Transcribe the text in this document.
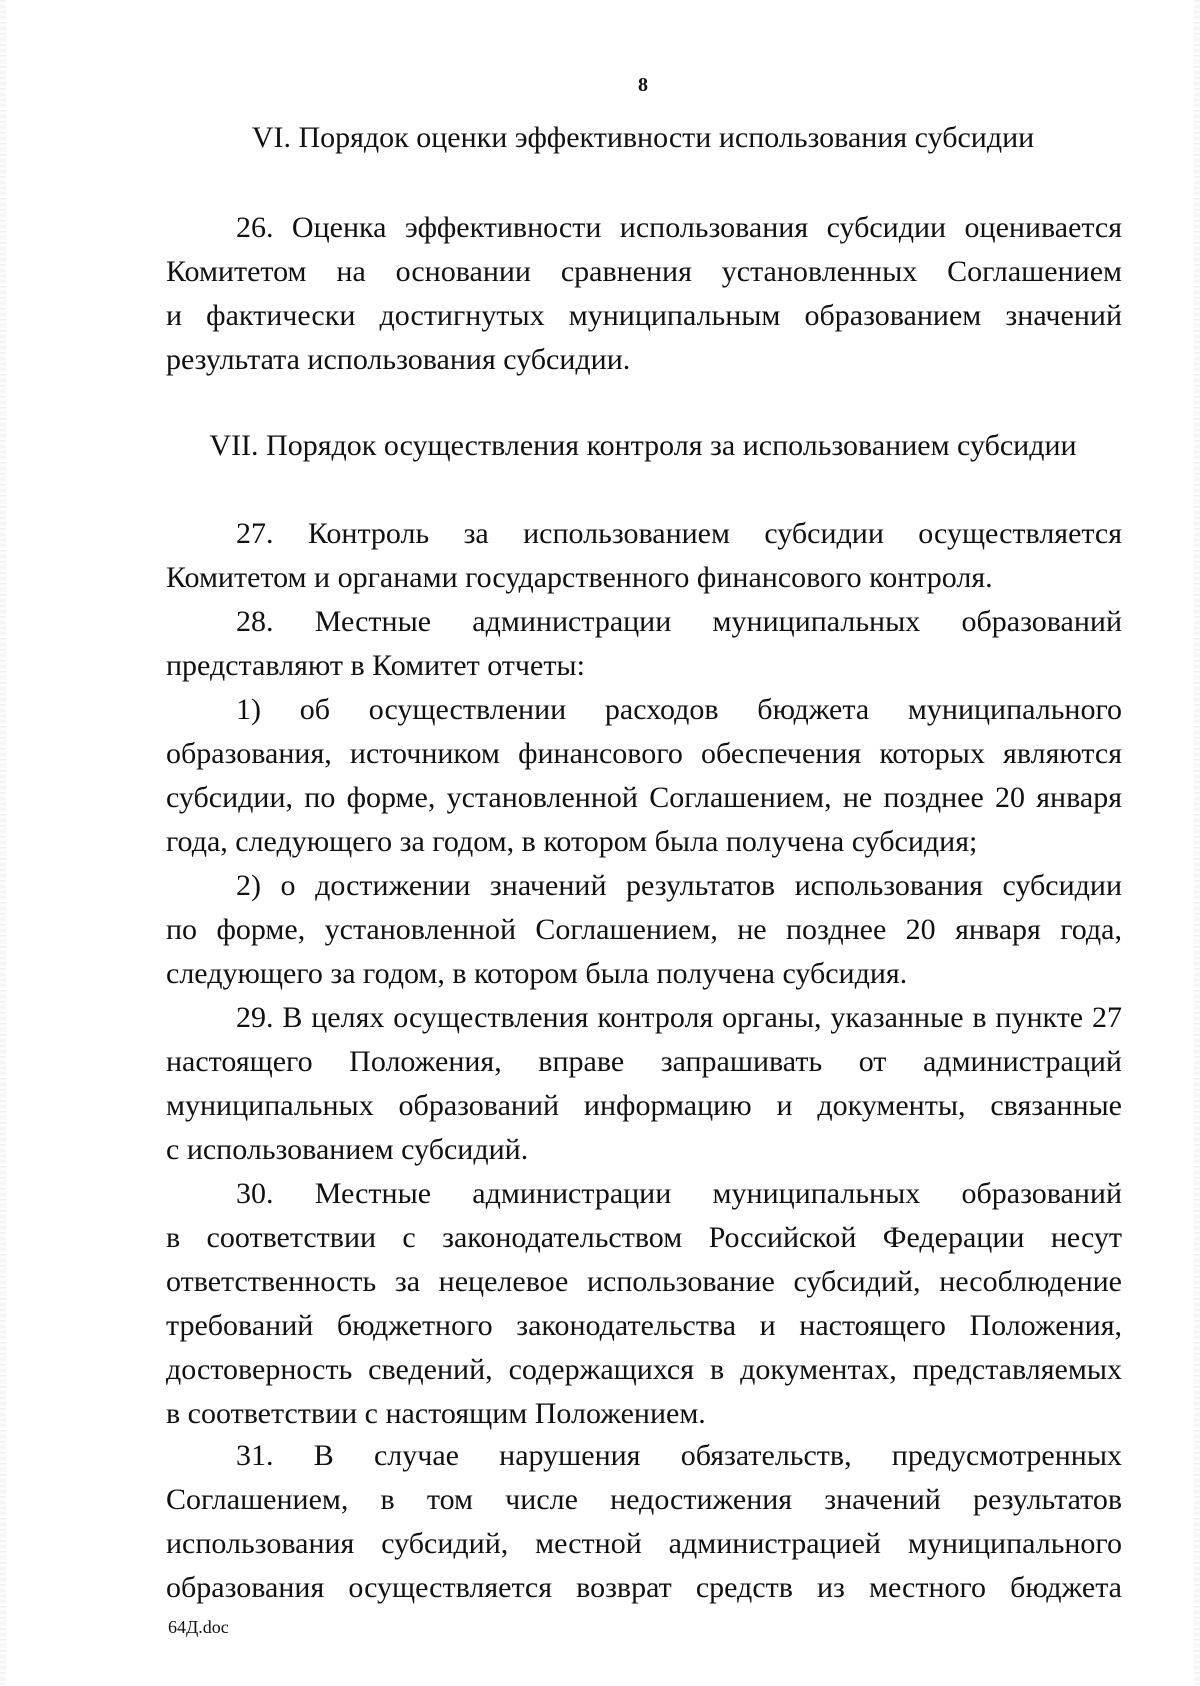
8
VI. Порядок оценки эффективности использования субсидии
26. Оценка эффективности использования субсидии оценивается
Комитетом на основании сравнения установленных Соглашением
и фактически достигнутых муниципальным образованием значений
результата использования субсидии.
VII. Порядок осуществления контроля за использованием субсидии
27. Контроль за использованием субсидии осуществляется
Комитетом и органами государственного финансового контроля.
28. Местные администрации муниципальных образований
представляют в Комитет отчеты:
1) об осуществлении расходов бюджета муниципального
образования, источником финансового обеспечения которых являются
субсидии, по форме, установленной Соглашением, не позднее 20 января
года, следующего за годом, в котором была получена субсидия;
2) о достижении значений результатов использования субсидии
по форме, установленной Соглашением, не позднее 20 января года,
следующего за годом, в котором была получена субсидия.
29. В целях осуществления контроля органы, указанные в пункте 27
настоящего Положения, вправе запрашивать от администраций
муниципальных образований информацию и документы, связанные
с использованием субсидий.
30. Местные администрации муниципальных образований
в соответствии с законодательством Российской Федерации несут
ответственность за нецелевое использование субсидий, несоблюдение
требований бюджетного законодательства и настоящего Положения,
достоверность сведений, содержащихся в документах, представляемых
в соответствии с настоящим Положением.
31. В случае нарушения обязательств, предусмотренных
Соглашением, в том числе недостижения значений результатов
использования субсидий, местной администрацией муниципального
образования осуществляется возврат средств из местного бюджета
64Д.doc
